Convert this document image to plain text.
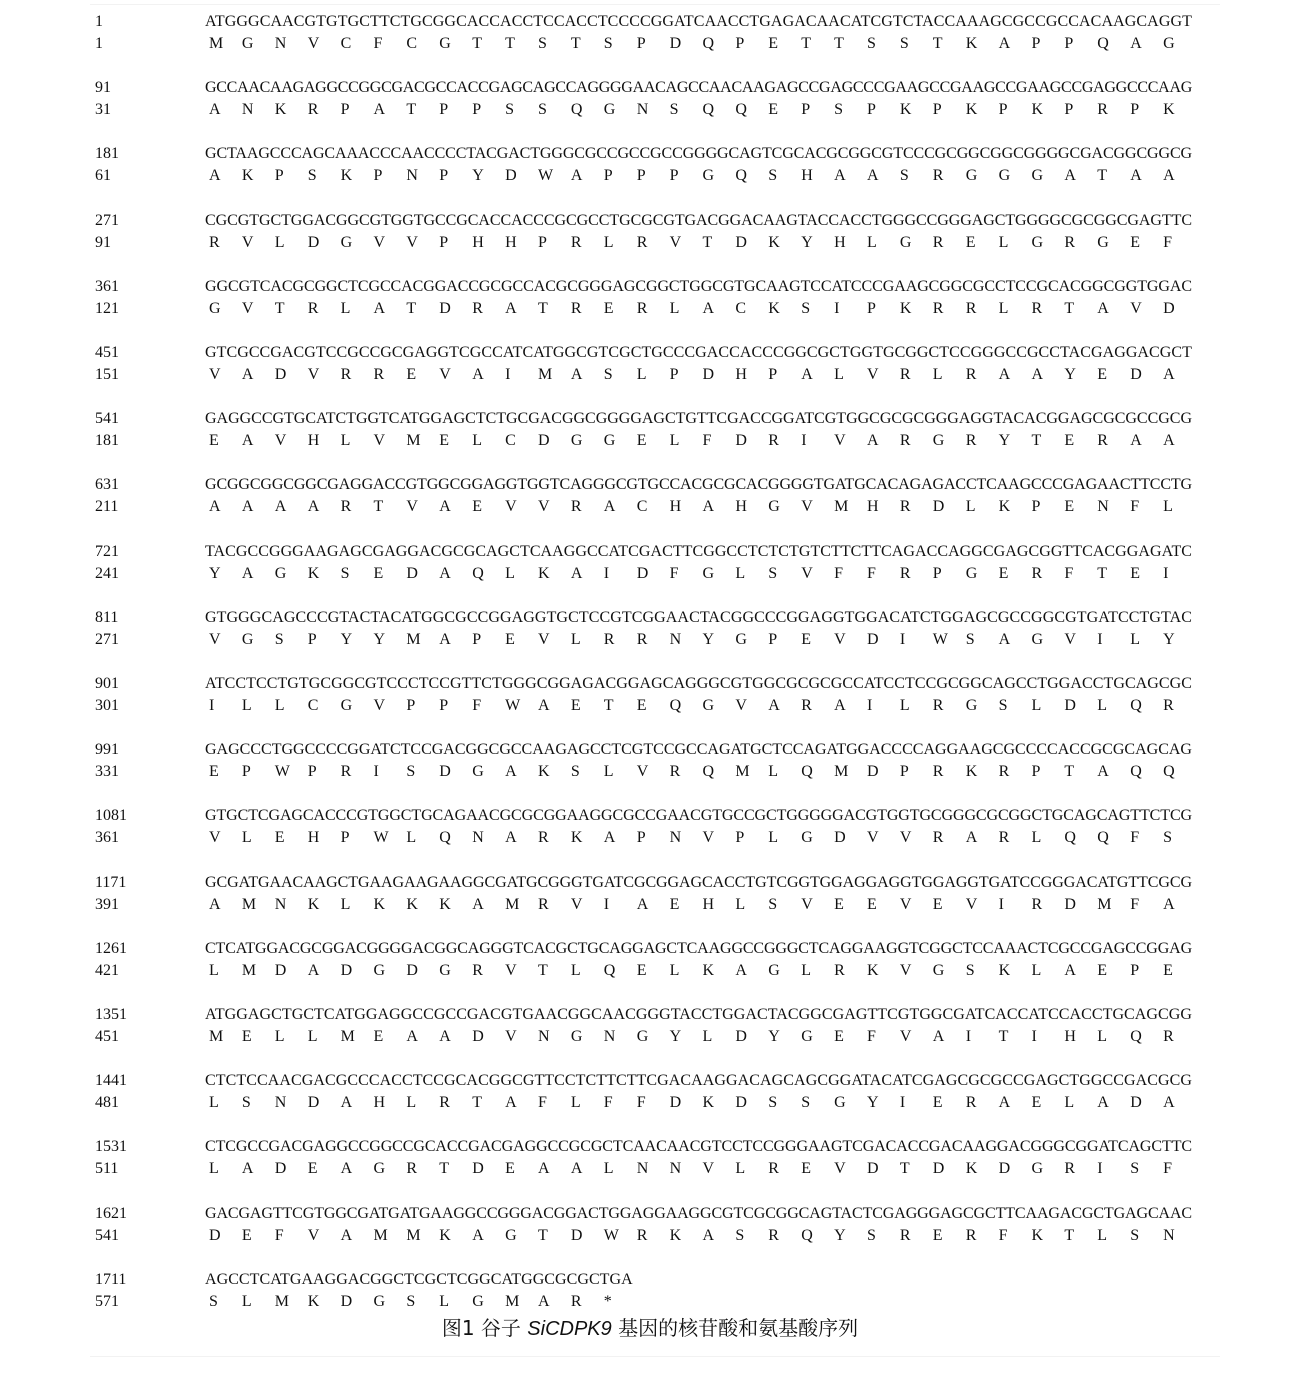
1	ATGGGCAACGTGTGCTTCTGCGGCACCACCTCCACCTCCCCGGATCAACCTGAGACAACATCGTCTACCAAAGCGCCGCCACAAGCAGGT
1	M G N V C F C G T T S T S P D Q P E T T S S T K A P P Q A G
91	GCCAACAAGAGGCCGGCGACGCCACCGAGCAGCCAGGGGAACAGCCAACAAGAGCCGAGCCCGAAGCCGAAGCCGAAGCCGAGGCCCAAG
31	A N K R P A T P P S S Q G N S Q Q E P S P K P K P K P R P K
181	GCTAAGCCCAGCAAACCCAACCCCTACGACTGGGCGCCGCCGCCGGGGCAGTCGCACGCGGCGTCCCGCGGCGGCGGGGCGACGGCGGCG
61	A K P S K P N P Y D W A P P P G Q S H A A S R G G G A T A A
271	CGCGTGCTGGACGGCGTGGTGCCGCACCACCCGCGCCTGCGCGTGACGGACAAGTACCACCTGGGCCGGGAGCTGGGGCGCGGCGAGTTC
91	R V L D G V V P H H P R L R V T D K Y H L G R E L G R G E F
361	GGCGTCACGCGGCTCGCCACGGACCGCGCCACGCGGGAGCGGCTGGCGTGCAAGTCCATCCCGAAGCGGCGCCTCCGCACGGCGGTGGAC
121	G V T R L A T D R A T R E R L A C K S I P K R R L R T A V D
451	GTCGCCGACGTCCGCCGCGAGGTCGCCATCATGGCGTCGCTGCCCGACCACCCGGCGCTGGTGCGGCTCCGGGCCGCCTACGAGGACGCT
151	V A D V R R E V A I M A S L P D H P A L V R L R A A Y E D A
541	GAGGCCGTGCATCTGGTCATGGAGCTCTGCGACGGCGGGGAGCTGTTCGACCGGATCGTGGCGCGCGGGAGGTACACGGAGCGCGCCGCG
181	E A V H L V M E L C D G G E L F D R I V A R G R Y T E R A A
631	GCGGCGGCGGCGAGGACCGTGGCGGAGGTGGTCAGGGCGTGCCACGCGCACGGGGTGATGCACAGAGACCTCAAGCCCGAGAACTTCCTG
211	A A A A R T V A E V V R A C H A H G V M H R D L K P E N F L
721	TACGCCGGGAAGAGCGAGGACGCGCAGCTCAAGGCCATCGACTTCGGCCTCTCTGTCTTCTTCAGACCAGGCGAGCGGTTCACGGAGATC
241	Y A G K S E D A Q L K A I D F G L S V F F R P G E R F T E I
811	GTGGGCAGCCCGTACTACATGGCGCCGGAGGTGCTCCGTCGGAACTACGGCCCGGAGGTGGACATCTGGAGCGCCGGCGTGATCCTGTAC
271	V G S P Y Y M A P E V L R R N Y G P E V D I W S A G V I L Y
901	ATCCTCCTGTGCGGCGTCCCTCCGTTCTGGGCGGAGACGGAGCAGGGCGTGGCGCGCGCCATCCTCCGCGGCAGCCTGGACCTGCAGCGC
301	I L L C G V P P F W A E T E Q G V A R A I L R G S L D L Q R
991	GAGCCCTGGCCCCGGATCTCCGACGGCGCCAAGAGCCTCGTCCGCCAGATGCTCCAGATGGACCCCAGGAAGCGCCCCACCGCGCAGCAG
331	E P W P R I S D G A K S L V R Q M L Q M D P R K R P T A Q Q
1081	GTGCTCGAGCACCCGTGGCTGCAGAACGCGCGGAAGGCGCCGAACGTGCCGCTGGGGGACGTGGTGCGGGCGCGGCTGCAGCAGTTCTCG
361	V L E H P W L Q N A R K A P N V P L G D V V R A R L Q Q F S
1171	GCGATGAACAAGCTGAAGAAGAAGGCGATGCGGGTGATCGCGGAGCACCTGTCGGTGGAGGAGGTGGAGGTGATCCGGGACATGTTCGCG
391	A M N K L K K K A M R V I A E H L S V E E V E V I R D M F A
1261	CTCATGGACGCGGACGGGGACGGCAGGGTCACGCTGCAGGAGCTCAAGGCCGGGCTCAGGAAGGTCGGCTCCAAACTCGCCGAGCCGGAG
421	L M D A D G D G R V T L Q E L K A G L R K V G S K L A E P E
1351	ATGGAGCTGCTCATGGAGGCCGCCGACGTGAACGGCAACGGGTACCTGGACTACGGCGAGTTCGTGGCGATCACCATCCACCTGCAGCGG
451	M E L L M E A A D V N G N G Y L D Y G E F V A I T I H L Q R
1441	CTCTCCAACGACGCCCACCTCCGCACGGCGTTCCTCTTCTTCGACAAGGACAGCAGCGGATACATCGAGCGCGCCGAGCTGGCCGACGCG
481	L S N D A H L R T A F L F F D K D S S G Y I E R A E L A D A
1531	CTCGCCGACGAGGCCGGCCGCACCGACGAGGCCGCGCTCAACAACGTCCTCCGGGAAGTCGACACCGACAAGGACGGGCGGATCAGCTTC
511	L A D E A G R T D E A A L N N V L R E V D T D K D G R I S F
1621	GACGAGTTCGTGGCGATGATGAAGGCCGGGACGGACTGGAGGAAGGCGTCGCGGCAGTACTCGAGGGAGCGCTTCAAGACGCTGAGCAAC
541	D E F V A M M K A G T D W R K A S R Q Y S R E R F K T L S N
1711	AGCCTCATGAAGGACGGCTCGCTCGGCATGGCGCGCTGA
571	S L M K D G S L G M A R *
图1 谷子 SiCDPK9 基因的核苷酸和氨基酸序列
